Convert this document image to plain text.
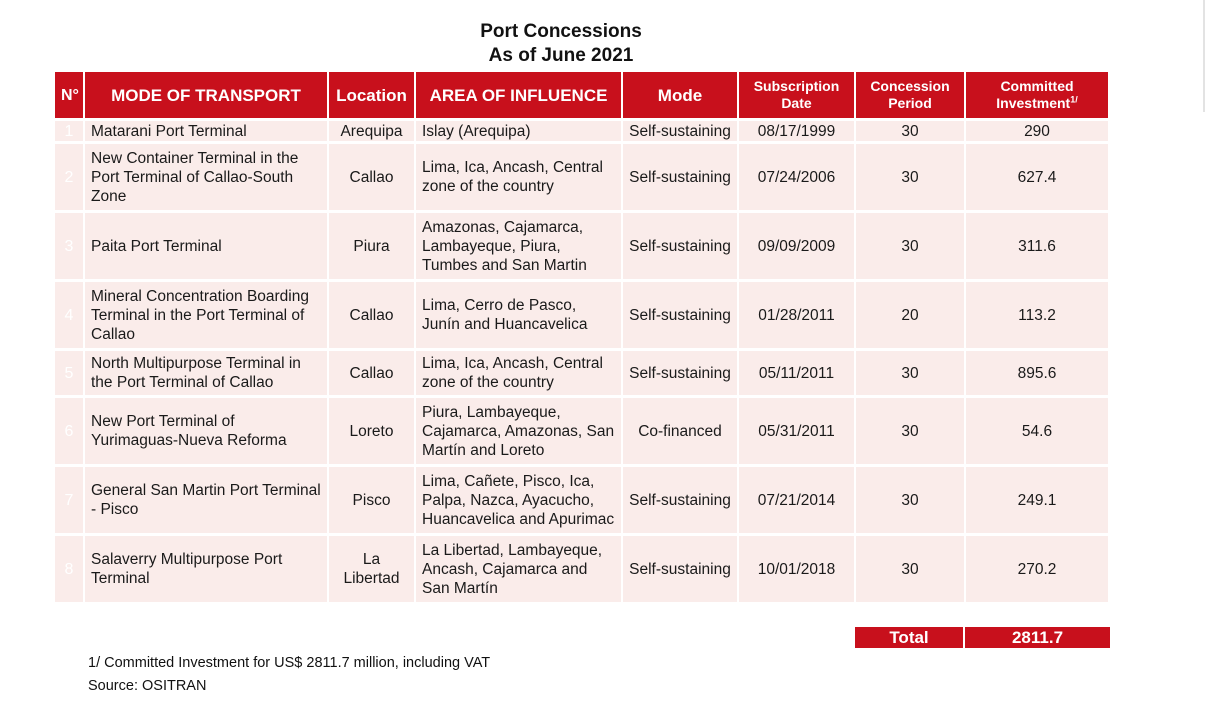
Port Concessions
As of June 2021
N°	MODE OF TRANSPORT	Location	AREA OF INFLUENCE	Mode	Subscription Date	Concession Period	Committed Investment$^{1/}$
1	Matarani Port Terminal	Arequipa	Islay (Arequipa)	Self-sustaining	08/17/1999	30	290
2	New Container Terminal in the Port Terminal of Callao-South Zone	Callao	Lima, Ica, Ancash, Central zone of the country	Self-sustaining	07/24/2006	30	627.4
3	Paita Port Terminal	Piura	Amazonas, Cajamarca, Lambayeque, Piura, Tumbes and San Martin	Self-sustaining	09/09/2009	30	311.6
4	Mineral Concentration Boarding Terminal in the Port Terminal of Callao	Callao	Lima, Cerro de Pasco, Junín and Huancavelica	Self-sustaining	01/28/2011	20	113.2
5	North Multipurpose Terminal in the Port Terminal of Callao	Callao	Lima, Ica, Ancash, Central zone of the country	Self-sustaining	05/11/2011	30	895.6
6	New Port Terminal of Yurimaguas-Nueva Reforma	Loreto	Piura, Lambayeque, Cajamarca, Amazonas, San Martín and Loreto	Co-financed	05/31/2011	30	54.6
7	General San Martin Port Terminal - Pisco	Pisco	Lima, Cañete, Pisco, Ica, Palpa, Nazca, Ayacucho, Huancavelica and Apurimac	Self-sustaining	07/21/2014	30	249.1
8	Salaverry Multipurpose Port Terminal	La Libertad	La Libertad, Lambayeque, Ancash, Cajamarca and San Martín	Self-sustaining	10/01/2018	30	270.2
Total	2811.7
1/ Committed Investment for US$ 2811.7 million, including VAT
Source: OSITRAN
